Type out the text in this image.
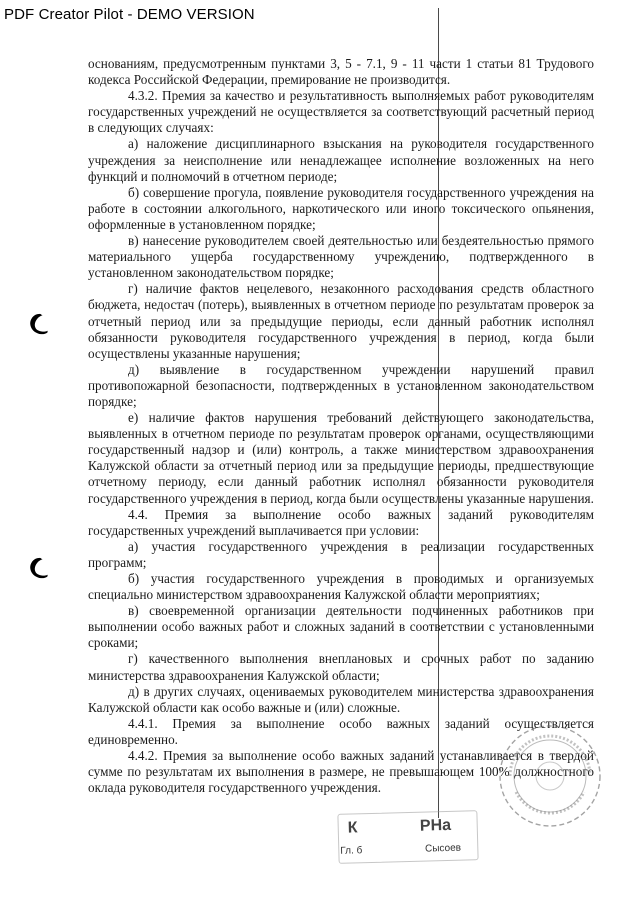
PDF Creator Pilot - DEMO VERSION

основаниям, предусмотренным пунктами 3, 5 - 7.1, 9 - 11 части 1 статьи 81 Трудового кодекса Российской Федерации, премирование не производится.

4.3.2. Премия за качество и результативность выполняемых работ руководителям государственных учреждений не осуществляется за соответствующий расчетный период в следующих случаях:

а) наложение дисциплинарного взыскания на руководителя государственного учреждения за неисполнение или ненадлежащее исполнение возложенных на него функций и полномочий в отчетном периоде;

б) совершение прогула, появление руководителя государственного учреждения на работе в состоянии алкогольного, наркотического или иного токсического опьянения, оформленные в установленном порядке;

в) нанесение руководителем своей деятельностью или бездеятельностью прямого материального ущерба государственному учреждению, подтвержденного в установленном законодательством порядке;

г) наличие фактов нецелевого, незаконного расходования средств областного бюджета, недостач (потерь), выявленных в отчетном периоде по результатам проверок за отчетный период или за предыдущие периоды, если данный работник исполнял обязанности руководителя государственного учреждения в период, когда были осуществлены указанные нарушения;

д) выявление в государственном учреждении нарушений правил противопожарной безопасности, подтвержденных в установленном законодательством порядке;

е) наличие фактов нарушения требований действующего законодательства, выявленных в отчетном периоде по результатам проверок органами, осуществляющими государственный надзор и (или) контроль, а также министерством здравоохранения Калужской области за отчетный период или за предыдущие периоды, предшествующие отчетному периоду, если данный работник исполнял обязанности руководителя государственного учреждения в период, когда были осуществлены указанные нарушения.

4.4. Премия за выполнение особо важных заданий руководителям государственных учреждений выплачивается при условии:

а) участия государственного учреждения в реализации государственных программ;

б) участия государственного учреждения в проводимых и организуемых специально министерством здравоохранения Калужской области мероприятиях;

в) своевременной организации деятельности подчиненных работников при выполнении особо важных работ и сложных заданий в соответствии с установленными сроками;

г) качественного выполнения внеплановых и срочных работ по заданию министерства здравоохранения Калужской области;

д) в других случаях, оцениваемых руководителем министерства здравоохранения Калужской области как особо важные и (или) сложные.

4.4.1. Премия за выполнение особо важных заданий осуществляется единовременно.

4.4.2. Премия за выполнение особо важных заданий устанавливается в твердой сумме по результатам их выполнения в размере, не превышающем 100% должностного оклада руководителя государственного учреждения.

К	РНа
Гл. б	Сысоев
